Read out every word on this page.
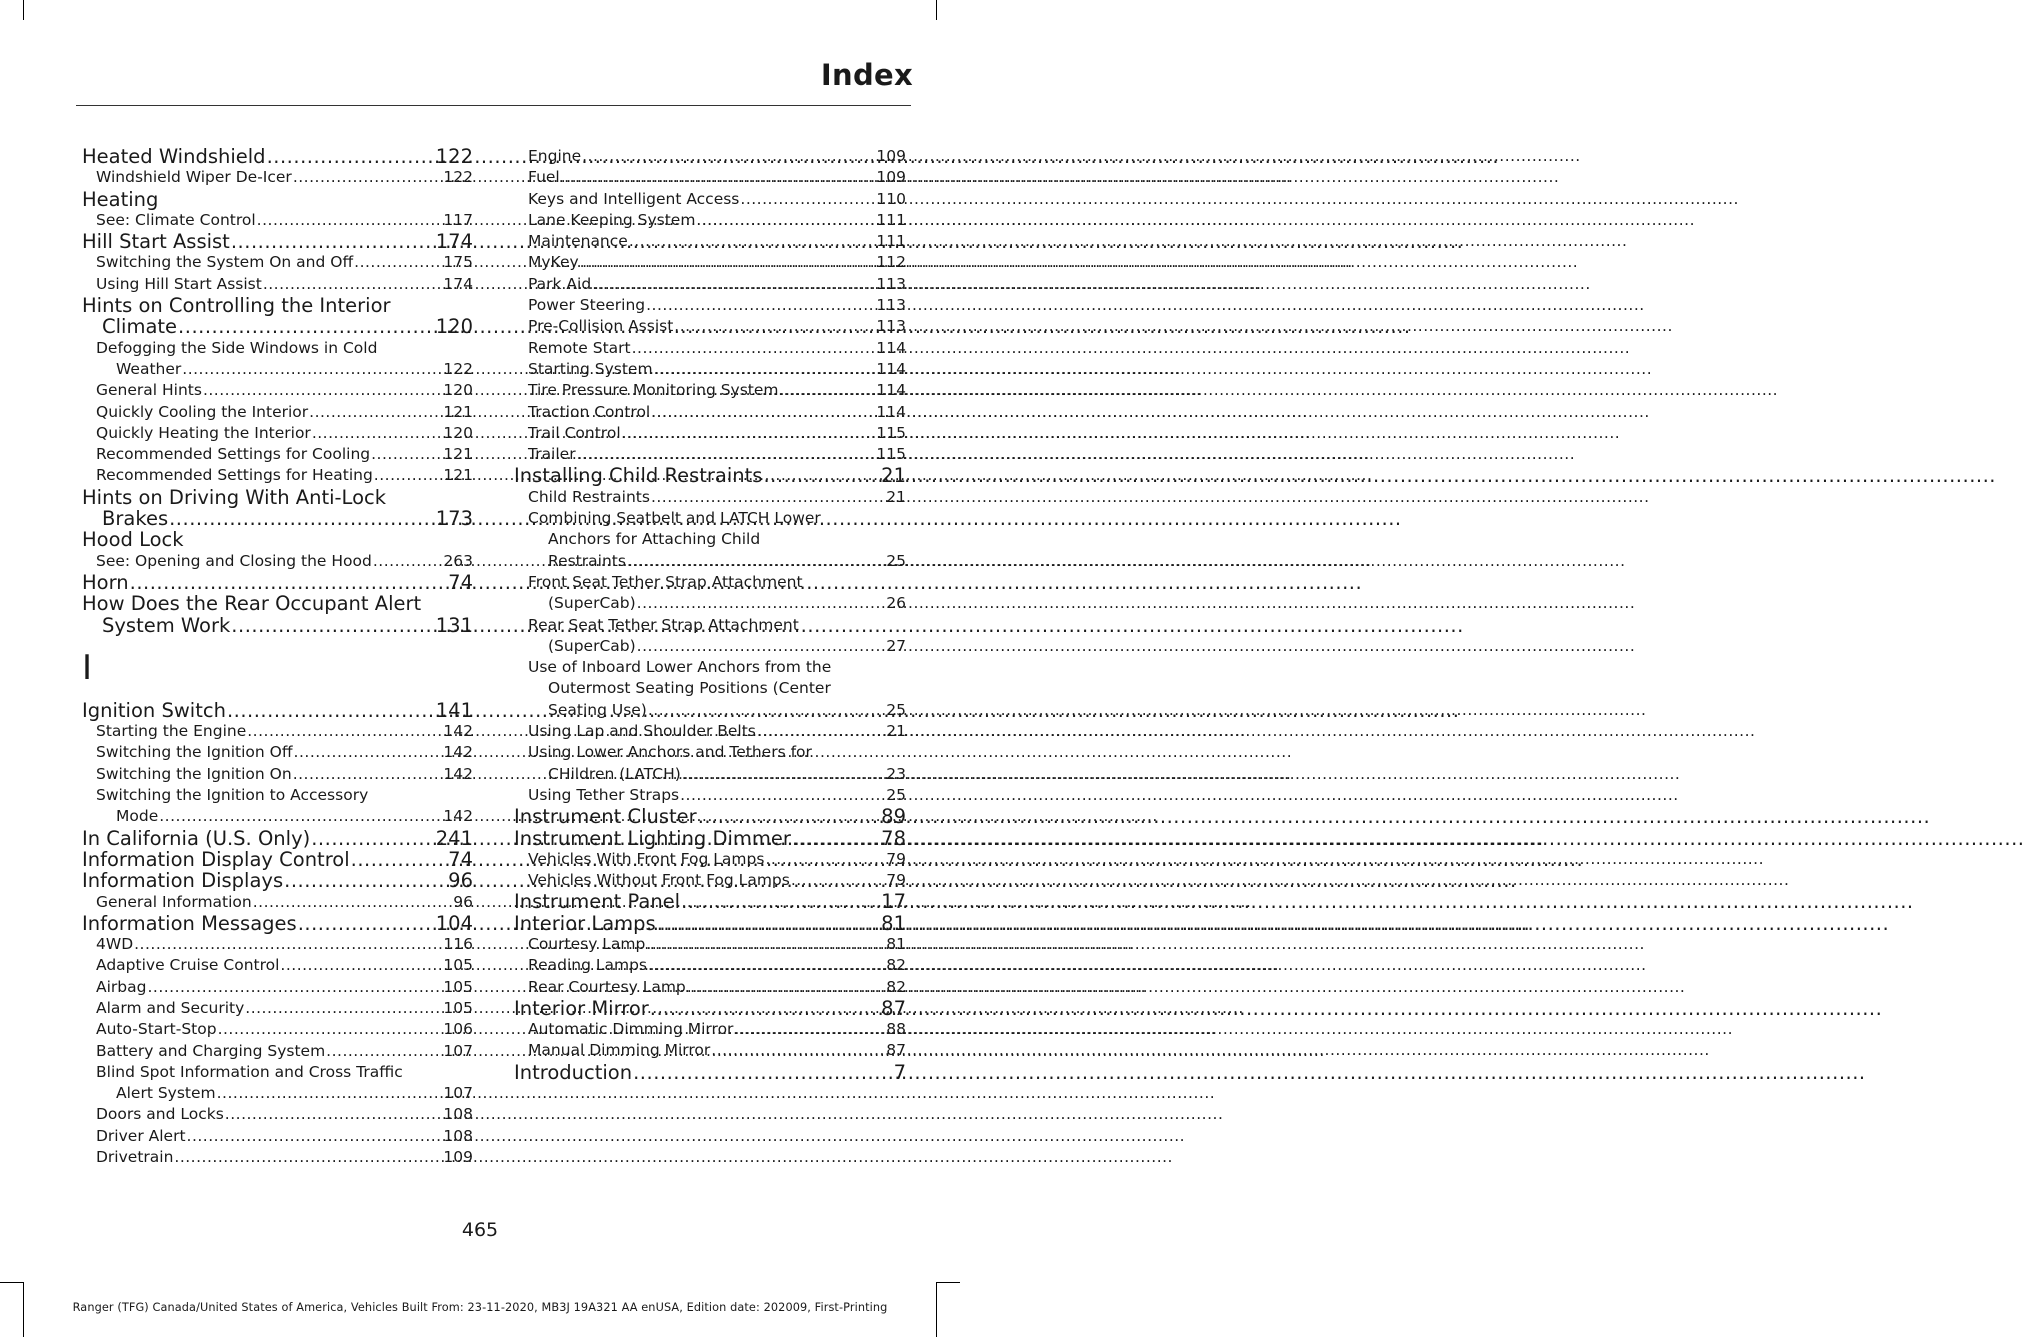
Index
Heated Windshield .....	122
Windshield Wiper De-Icer .....	122
Heating
See: Climate Control .....	117
Hill Start Assist .....	174
Switching the System On and Off .....	175
Using Hill Start Assist .....	174
Hints on Controlling the Interior
Climate .....	120
Defogging the Side Windows in Cold
Weather .....	122
General Hints .....	120
Quickly Cooling the Interior .....	121
Quickly Heating the Interior .....	120
Recommended Settings for Cooling .....	121
Recommended Settings for Heating .....	121
Hints on Driving With Anti-Lock
Brakes .....	173
Hood Lock
See: Opening and Closing the Hood .....	263
Horn .....	74
How Does the Rear Occupant Alert
System Work .....	131
I
Ignition Switch .....	141
Starting the Engine .....	142
Switching the Ignition Off .....	142
Switching the Ignition On .....	142
Switching the Ignition to Accessory
Mode .....	142
In California (U.S. Only) .....	241
Information Display Control .....	74
Information Displays .....	96
General Information .....	96
Information Messages .....	104
4WD .....	116
Adaptive Cruise Control .....	105
Airbag .....	105
Alarm and Security .....	105
Auto-Start-Stop .....	106
Battery and Charging System .....	107
Blind Spot Information and Cross Traffic
Alert System .....	107
Doors and Locks .....	108
Driver Alert .....	108
Drivetrain .....	109
Engine .....	109
Fuel .....	109
Keys and Intelligent Access .....	110
Lane Keeping System .....	111
Maintenance .....	111
MyKey .....	112
Park Aid .....	113
Power Steering .....	113
Pre-Collision Assist .....	113
Remote Start .....	114
Starting System .....	114
Tire Pressure Monitoring System .....	114
Traction Control .....	114
Trail Control .....	115
Trailer .....	115
Installing Child Restraints .....	21
Child Restraints .....	21
Combining Seatbelt and LATCH Lower
Anchors for Attaching Child
Restraints .....	25
Front Seat Tether Strap Attachment
(SuperCab) .....	26
Rear Seat Tether Strap Attachment
(SuperCab) .....	27
Use of Inboard Lower Anchors from the
Outermost Seating Positions (Center
Seating Use) .....	25
Using Lap and Shoulder Belts .....	21
Using Lower Anchors and Tethers for
CHildren (LATCH) .....	23
Using Tether Straps .....	25
Instrument Cluster .....	89
Instrument Lighting Dimmer .....	78
Vehicles With Front Fog Lamps .....	79
Vehicles Without Front Fog Lamps .....	79
Instrument Panel .....	17
Interior Lamps .....	81
Courtesy Lamp .....	81
Reading Lamps .....	82
Rear Courtesy Lamp .....	82
Interior Mirror .....	87
Automatic Dimming Mirror .....	88
Manual Dimming Mirror .....	87
Introduction .....	7
465
Ranger (TFG) Canada/United States of America, Vehicles Built From: 23-11-2020, MB3J 19A321 AA enUSA, Edition date: 202009, First-Printing
